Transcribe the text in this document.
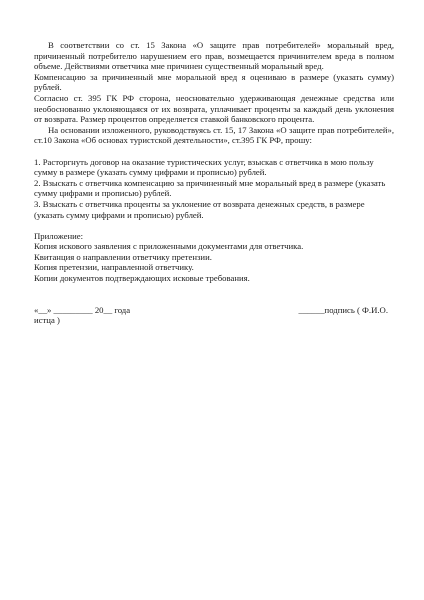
В соответствии со ст. 15 Закона «О защите прав потребителей» моральный вред, причиненный потребителю нарушением его прав, возмещается причинителем вреда в полном объеме. Действиями ответчика мне причинен существенный моральный вред.

Компенсацию за причиненный мне моральной вред я оцениваю в размере (указать сумму) рублей.

Согласно ст. 395 ГК РФ сторона, неосновательно удерживающая денежные средства или необоснованно уклоняющаяся от их возврата, уплачивает проценты за каждый день уклонения от возврата. Размер процентов определяется ставкой банковского процента.

На основании изложенного, руководствуясь ст. 15, 17 Закона «О защите прав потребителей», ст.10 Закона «Об основах туристской деятельности», ст.395 ГК РФ, прошу:

1. Расторгнуть договор на оказание туристических услуг, взыскав с ответчика в мою пользу сумму в размере (указать сумму цифрами и прописью) рублей.

2. Взыскать с ответчика компенсацию за причиненный мне моральный вред в размере (указать сумму цифрами и прописью) рублей.

3. Взыскать с ответчика проценты за уклонение от возврата денежных средств, в размере (указать сумму цифрами и прописью) рублей.

Приложение:

Копия искового заявления с приложенными документами для ответчика.

Квитанция о направлении ответчику претензии.

Копия претензии, направленной ответчику.

Копии документов подтверждающих исковые требования.

«__» _________ 20__ года	______подпись ( Ф.И.О.

истца )
